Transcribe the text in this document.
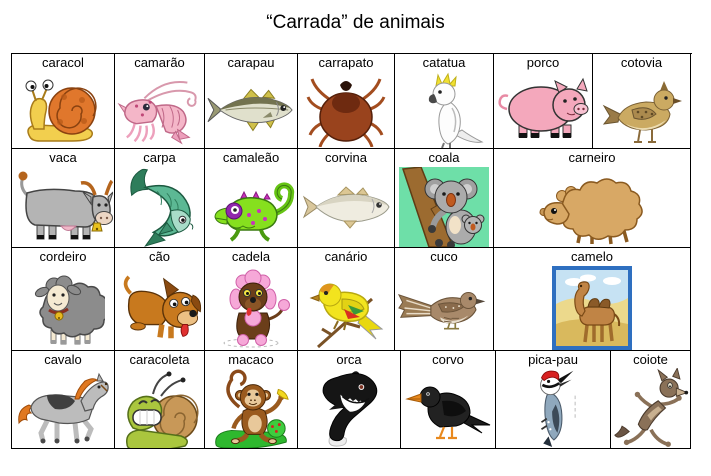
“Carrada” de animais
caracol	camarão	carapau	carrapato	catatua	porco	cotovia
vaca	carpa	camaleão	corvina	coala	carneiro
cordeiro	cão	cadela	canário	cuco	camelo
cavalo	caracoleta	macaco	orca	corvo	pica-pau	coiote
